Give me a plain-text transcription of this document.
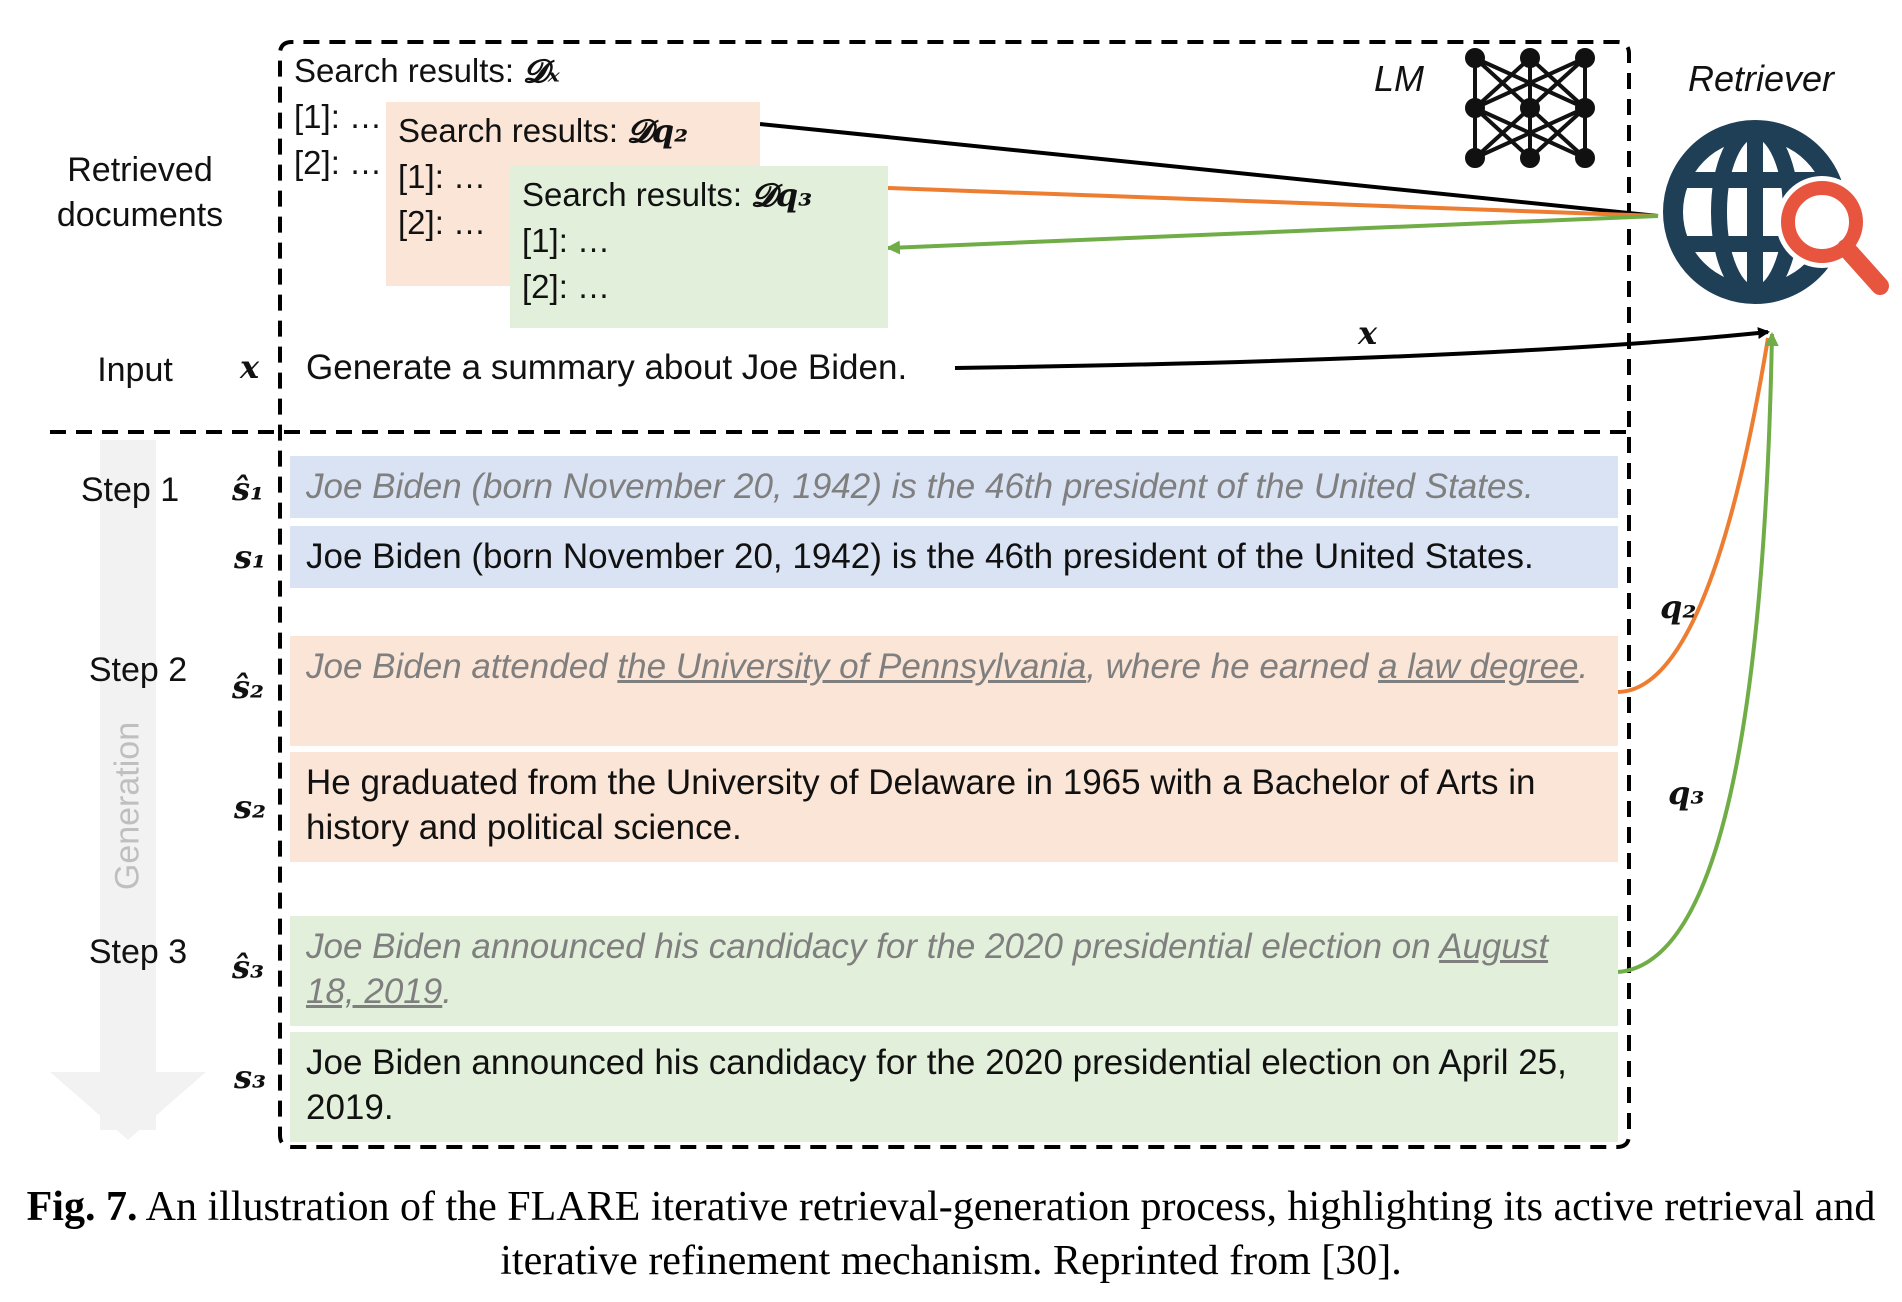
Retrieved documents
Input
Step 1
Step 2
Step 3
Generation
x
ŝ₁
s₁
ŝ₂
s₂
ŝ₃
s₃
x
q₂
q₃
LM	Retriever
Search results: 𝓓ₓ
[1]: …
[2]: …
Search results: 𝓓q₂
[1]: …
[2]: …
Search results: 𝓓q₃
[1]: …
[2]: …
Generate a summary about Joe Biden.
Joe Biden (born November 20, 1942) is the 46th president of the United States.
Joe Biden (born November 20, 1942) is the 46th president of the United States.
Joe Biden attended the University of Pennsylvania, where he earned a law degree.
He graduated from the University of Delaware in 1965 with a Bachelor of Arts in history and political science.
Joe Biden announced his candidacy for the 2020 presidential election on August 18, 2019.
Joe Biden announced his candidacy for the 2020 presidential election on April 25, 2019.
Fig. 7. An illustration of the FLARE iterative retrieval-generation process, highlighting its active retrieval and iterative refinement mechanism. Reprinted from [30].
